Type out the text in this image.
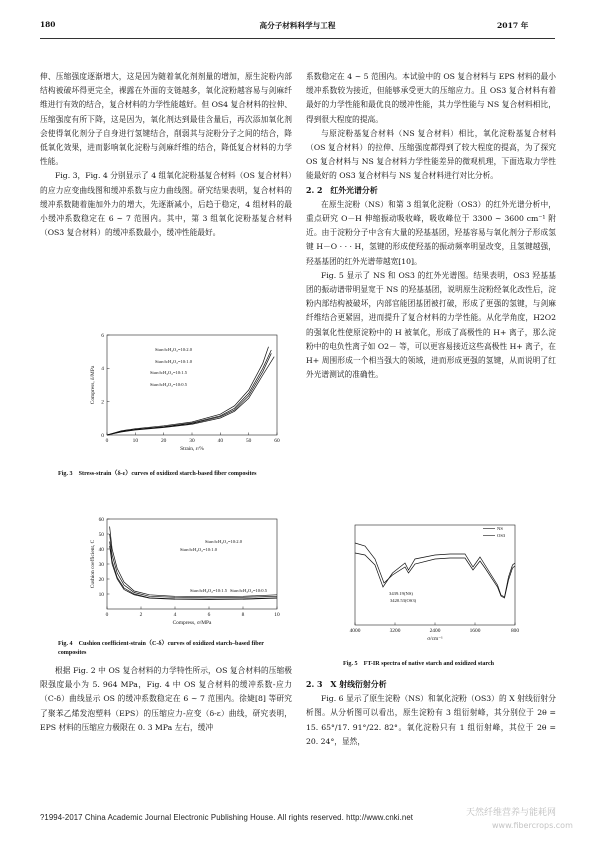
180	高分子材料科学与工程	2017 年

伸、压缩强度逐渐增大，这是因为随着氧化剂剂量的增加，原生淀粉内部结构被破坏得更完全，裸露在外面的支链越多，氧化淀粉越容易与剑麻纤维进行有效的结合，复合材料的力学性能越好。但 OS4 复合材料的拉伸、压缩强度有所下降，这是因为，氧化剂达到最佳含量后，再次添加氧化剂会使得氧化剂分子自身进行氢键结合，削弱其与淀粉分子之间的结合，降低氧化效果，进而影响氧化淀粉与剑麻纤维的结合，降低复合材料的力学性能。

Fig. 3，Fig. 4 分别显示了 4 组氧化淀粉基复合材料（OS 复合材料）的应力应变曲线图和缓冲系数与应力曲线图。研究结果表明，复合材料的缓冲系数随着施加外力的增大，先逐渐减小，后趋于稳定，4 组材料的最小缓冲系数稳定在 6 ~ 7 范围内。其中，第 3 组氧化淀粉基复合材料（OS3 复合材料）的缓冲系数最小，缓冲性能最好。

0	10	20	30	40	50	60
0
2
4
6
Strain, ε/%
Compress, δ/MPa
Starch:H₂O₂=10:2.0
Starch:H₂O₂=10:1.0
Starch:H₂O₂=10:1.5
Starch:H₂O₂=10:0.5
Fig. 3 Stress-strain（δ-ε）curves of oxidized starch-based fiber composites
0	2	4	6	8	10
10
20
30
40
50
60
Compress, σ/MPa
Cushion coefficient, C	Starch:H₂O₂=10:2.0
Starch:H₂O₂=10:1.0
Starch:H₂O₂=10:1.5 Starch:H₂O₂=10:0.5
Fig. 4 Cushion coefficient-strain（C-δ）curves of oxidized starch–based fiber composites

根据 Fig. 2 中 OS 复合材料的力学特性所示，OS 复合材料的压缩极限强度最小为 5. 964 MPa，Fig. 4 中 OS 复合材料的缓冲系数-应力（C-δ）曲线显示 OS 的缓冲系数稳定在 6 ~ 7 范围内。徐婕[8] 等研究了聚苯乙烯发泡塑料（EPS）的压缩应力-应变（δ-ε）曲线，研究表明，EPS 材料的压缩应力极限在 0. 3 MPa 左右，缓冲

系数稳定在 4 ~ 5 范围内。本试验中的 OS 复合材料与 EPS 材料的最小缓冲系数较为接近，但能够承受更大的压缩应力。且 OS3 复合材料有着最好的力学性能和最优良的缓冲性能，其力学性能与 NS 复合材料相比，得到很大程度的提高。

与原淀粉基复合材料（NS 复合材料）相比，氧化淀粉基复合材料（OS 复合材料）的拉伸、压缩强度都得到了较大程度的提高，为了探究 OS 复合材料与 NS 复合材料力学性能差异的微观机理，下面选取力学性能最好的 OS3 复合材料与 NS 复合材料进行对比分析。

2. 2　红外光谱分析

在原生淀粉（NS）和第 3 组氧化淀粉（OS3）的红外光谱分析中，重点研究 O－H 伸缩振动吸收峰，吸收峰位于 3300 ~ 3600 cm⁻¹ 附近。由于淀粉分子中含有大量的羟基基团，羟基容易与氧化剂分子形成氢键 H－O · · · H，氢键的形成使羟基的振动频率明显改变，且氢键越强，羟基基团的红外光谱带越宽[10]。

Fig. 5 显示了 NS 和 OS3 的红外光谱图。结果表明，OS3 羟基基团的振动谱带明显宽于 NS 的羟基基团，说明原生淀粉经氧化改性后，淀粉内部结构被破坏，内部官能团基团被打破，形成了更强的氢键，与剑麻纤维结合更紧固，进而提升了复合材料的力学性能。从化学角度，H2O2 的强氧化性使原淀粉中的 H 被氧化，形成了高极性的 H+ 离子，那么淀粉中的电负性离子如 O2－ 等，可以更容易接近这些高极性 H+ 离子，在 H+ 周围形成一个相当强大的领域，进而形成更强的氢键，从而说明了红外光谱测试的准确性。

4000	3200	2400	1600	800
σ/cm⁻¹
NS
OS3
3439.19(NS)
3420.53(OS3)
Fig. 5 FT-IR spectra of native starch and oxidized starch

2. 3　X 射线衍射分析

Fig. 6 显示了原生淀粉（NS）和氧化淀粉（OS3）的 X 射线衍射分析图。从分析图可以看出，原生淀粉有 3 组衍射峰，其分别位于 2θ = 15. 65°/17. 91°/22. 82°。氧化淀粉只有 1 组衍射峰，其位于 2θ = 20. 24°，显然，

?1994-2017 China Academic Journal Electronic Publishing House. All rights reserved. http://www.cnki.net	天然纤维营养与能耗网
www.fibercrops.com
